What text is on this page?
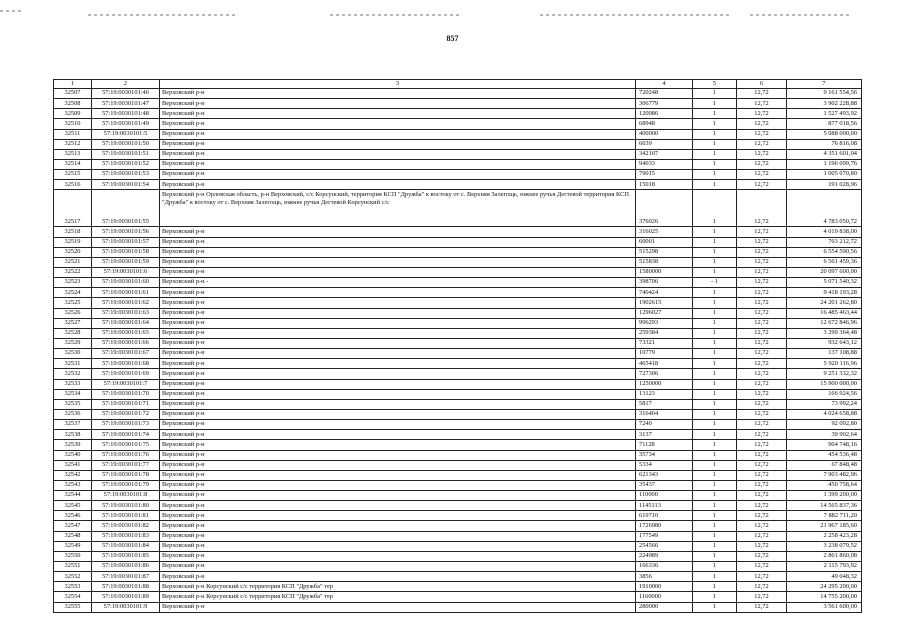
857
1	2	3	4	5	6	7
32507	57:19:0030101:46	Верховский р-н	720248	1	12,72	9 161 554,56
32508	57:19:0030101:47	Верховский р-н	306779	1	12,72	3 902 228,88
32509	57:19:0030101:48	Верховский р-н	120086	1	12,72	1 527 493,92
32510	57:19:0030101:49	Верховский р-н	68948	1	12,72	877 018,56
32511	57:19:0030101:5	Верховский р-н	400000	1	12,72	5 088 000,00
32512	57:19:0030101:50	Верховский р-н	6039	1	12,72	76 816,08
32513	57:19:0030101:51	Верховский р-н	342107	1	12,72	4 351 601,04
32514	57:19:0030101:52	Верховский р-н	94033	1	12,72	1 196 099,76
32515	57:19:0030101:53	Верховский р-н	79015	1	12,72	1 005 070,80
32516	57:19:0030101:54	Верховский р-н	15018	1	12,72	191 028,96
32517	57:19:0030101:55	Верховский р-н Орловская область, р-н Верховский, с/с Корсунский, территория КСП "Дружба" к востоку от с. Верхняя Залегощь, южнее ручья Дегтевой территория КСП "Дружба" к востоку от с. Верхняя Залегощь, южнее ручья Дегтевой Корсунский с/с	376026	1	12,72	4 783 050,72
32518	57:19:0030101:56	Верховский р-н	316025	1	12,72	4 019 838,00
32519	57:19:0030101:57	Верховский р-н	60001	1	12,72	763 212,72
32520	57:19:0030101:58	Верховский р-н	515298	1	12,72	6 554 590,56
32521	57:19:0030101:59	Верховский р-н	515838	1	12,72	6 561 459,36
32522	57:19:0030101:6	Верховский р-н	1580000	1	12,72	20 097 600,00
32523	57:19:0030101:60	Верховский р-н -	398706	- 1	12,72	5 071 540,32
32524	57:19:0030101:61	Верховский р-н	740424	1	12,72	9 418 193,28
32525	57:19:0030101:62	Верховский р-н	1902615	1	12,72	24 201 262,80
32526	57:19:0030101:63	Верховский р-н	1296027	1	12,72	16 485 463,44
32527	57:19:0030101:64	Верховский р-н	996293	1	12,72	12 672 846,96
32528	57:19:0030101:65	Верховский р-н	259384	1	12,72	3 299 364,48
32529	57:19:0030101:66	Верховский р-н	73321	1	12,72	932 643,12
32530	57:19:0030101:67	Верховский р-н	10779	1	12,72	137 108,88
32531	57:19:0030101:68	Верховский р-н	465418	1	12,72	5 920 116,96
32532	57:19:0030101:69	Верховский р-н	727306	1	12,72	9 251 332,32
32533	57:19:0030101:7	Верховский р-н	1250000	1	12,72	15 900 000,00
32534	57:19:0030101:70	Верховский р-н	13123	1	12,72	166 924,56
32535	57:19:0030101:71	Верховский р-н	5817	1	12,72	73 992,24
32536	57:19:0030101:72	Верховский р-н	316404	1	12,72	4 024 658,88
32537	57:19:0030101:73	Верховский р-н	7240	1	12,72	92 092,80
32538	57:19:0030101:74	Верховский р-н	3137	1	12,72	39 902,64
32539	57:19:0030101:75	Верховский р-н	71128	1	12,72	904 748,16
32540	57:19:0030101:76	Верховский р-н	35734	1	12,72	454 536,48
32541	57:19:0030101:77	Верховский р-н	5334	1	12,72	67 848,48
32542	57:19:0030101:78	Верховский р-н	621343	1	12,72	7 903 482,96
32543	57:19:0030101:79	Верховский р-н	35437	1	12,72	450 758,64
32544	57:19:0030101:8	Верховский р-н	110000	1	12,72	1 399 200,00
32545	57:19:0030101:80	Верховский р-н	1145113	1	12,72	14 565 837,36
32546	57:19:0030101:81	Верховский р-н	619710	1	12,72	7 882 711,20
32547	57:19:0030101:82	Верховский р-н	1726980	1	12,72	21 967 185,60
32548	57:19:0030101:83	Верховский р-н	177549	1	12,72	2 258 423,28
32549	57:19:0030101:84	Верховский р-н	254566	1	12,72	3 238 079,52
32550	57:19:0030101:85	Верховский р-н	224989	1	12,72	2 861 860,08
32551	57:19:0030101:86	Верховский р-н	166336	1	12,72	2 115 793,92
32552	57:19:0030101:87	Верховский р-н	3856	1	12,72	49 048,32
32553	57:19:0030101:88	Верховский р-н Корсунский с/с территория КСП "Дружба" тер	1910000	1	12,72	24 295 200,00
32554	57:19:0030101:89	Верховский р-н Корсунский с/с территория КСП "Дружба" тер	1160000	1	12,72	14 755 200,00
32555	57:19:0030101:9	Верховский р-н	280000	1	12,72	3 561 600,00
